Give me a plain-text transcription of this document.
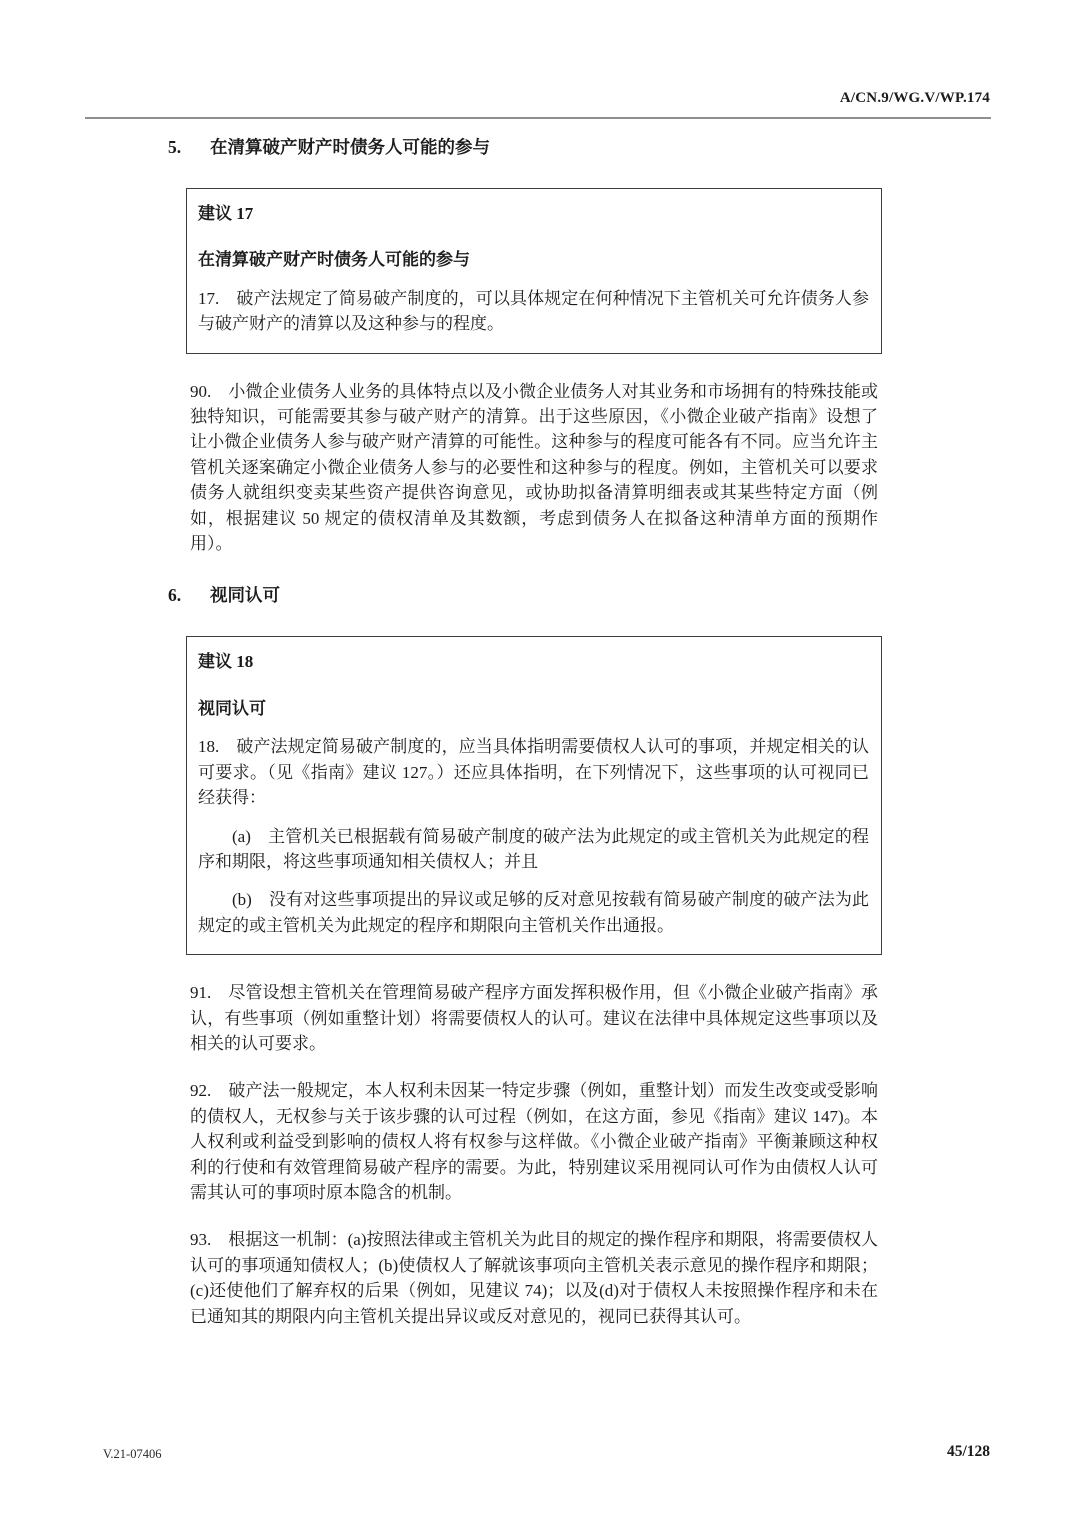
A/CN.9/WG.V/WP.174
5.	在清算破产财产时债务人可能的参与

建议 17

在清算破产财产时债务人可能的参与

17. 破产法规定了简易破产制度的，可以具体规定在何种情况下主管机关可允许债务人参与破产财产的清算以及这种参与的程度。

90. 小微企业债务人业务的具体特点以及小微企业债务人对其业务和市场拥有的特殊技能或独特知识，可能需要其参与破产财产的清算。出于这些原因，《小微企业破产指南》设想了让小微企业债务人参与破产财产清算的可能性。这种参与的程度可能各有不同。应当允许主管机关逐案确定小微企业债务人参与的必要性和这种参与的程度。例如，主管机关可以要求债务人就组织变卖某些资产提供咨询意见，或协助拟备清算明细表或其某些特定方面（例如，根据建议 50 规定的债权清单及其数额，考虑到债务人在拟备这种清单方面的预期作用）。

6.	视同认可

建议 18

视同认可

18. 破产法规定简易破产制度的，应当具体指明需要债权人认可的事项，并规定相关的认可要求。（见《指南》建议 127。）还应具体指明，在下列情况下，这些事项的认可视同已经获得：

(a) 主管机关已根据载有简易破产制度的破产法为此规定的或主管机关为此规定的程序和期限，将这些事项通知相关债权人；并且

(b) 没有对这些事项提出的异议或足够的反对意见按载有简易破产制度的破产法为此规定的或主管机关为此规定的程序和期限向主管机关作出通报。

91. 尽管设想主管机关在管理简易破产程序方面发挥积极作用，但《小微企业破产指南》承认，有些事项（例如重整计划）将需要债权人的认可。建议在法律中具体规定这些事项以及相关的认可要求。

92. 破产法一般规定，本人权利未因某一特定步骤（例如，重整计划）而发生改变或受影响的债权人，无权参与关于该步骤的认可过程（例如，在这方面，参见《指南》建议 147)。本人权利或利益受到影响的债权人将有权参与这样做。《小微企业破产指南》平衡兼顾这种权利的行使和有效管理简易破产程序的需要。为此，特别建议采用视同认可作为由债权人认可需其认可的事项时原本隐含的机制。

93. 根据这一机制：(a)按照法律或主管机关为此目的规定的操作程序和期限，将需要债权人认可的事项通知债权人；(b)使债权人了解就该事项向主管机关表示意见的操作程序和期限；(c)还使他们了解弃权的后果（例如，见建议 74)；以及(d)对于债权人未按照操作程序和未在已通知其的期限内向主管机关提出异议或反对意见的，视同已获得其认可。

V.21-07406	45/128
